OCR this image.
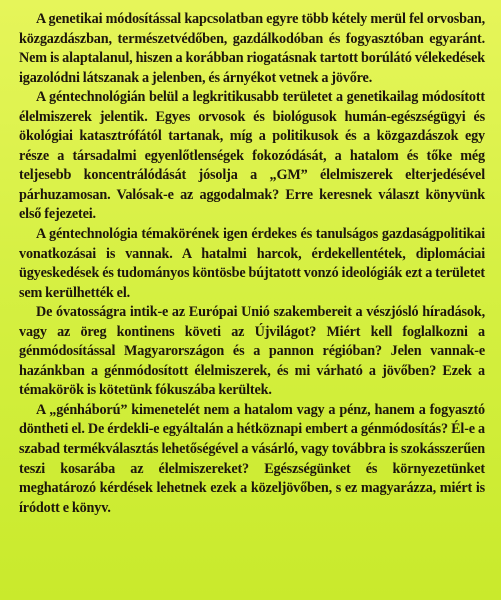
A genetikai módosítással kapcsolatban egyre több kétely merül fel orvosban, közgazdászban, természetvédőben, gazdálkodóban és fogyasztóban egyaránt. Nem is alaptalanul, hiszen a korábban riogatásnak tartott borúlátó vélekedések igazolódni látszanak a jelenben, és árnyékot vetnek a jövőre.

A géntechnológián belül a legkritikusabb területet a genetikailag módosított élelmiszerek jelentik. Egyes orvosok és biológusok humán-egészségügyi és ökológiai katasztrófától tartanak, míg a politikusok és a közgazdászok egy része a társadalmi egyenlőtlenségek fokozódását, a hatalom és tőke még teljesebb koncentrálódását jósolja a „GM” élelmiszerek elterjedésével párhuzamosan. Valósak-e az aggodalmak? Erre keresnek választ könyvünk első fejezetei.

A géntechnológia témakörének igen érdekes és tanulságos gazdaságpolitikai vonatkozásai is vannak. A hatalmi harcok, érdekellentétek, diplomáciai ügyeskedések és tudományos köntösbe bújtatott vonzó ideológiák ezt a területet sem kerülhették el.

De óvatosságra intik-e az Európai Unió szakembereit a vészjósló híradások, vagy az öreg kontinens követi az Újvilágot? Miért kell foglalkozni a génmódosítással Magyarországon és a pannon régióban? Jelen vannak-e hazánkban a génmódosított élelmiszerek, és mi várható a jövőben? Ezek a témakörök is kötetünk fókuszába kerültek.

A „génháború” kimenetelét nem a hatalom vagy a pénz, hanem a fogyasztó döntheti el. De érdekli-e egyáltalán a hétköznapi embert a génmódosítás? Él-e a szabad termékválasztás lehetőségével a vásárló, vagy továbbra is szokásszerűen teszi kosarába az élelmiszereket? Egészségünket és környezetünket meghatározó kérdések lehetnek ezek a közeljövőben, s ez magyarázza, miért is íródott e könyv.
